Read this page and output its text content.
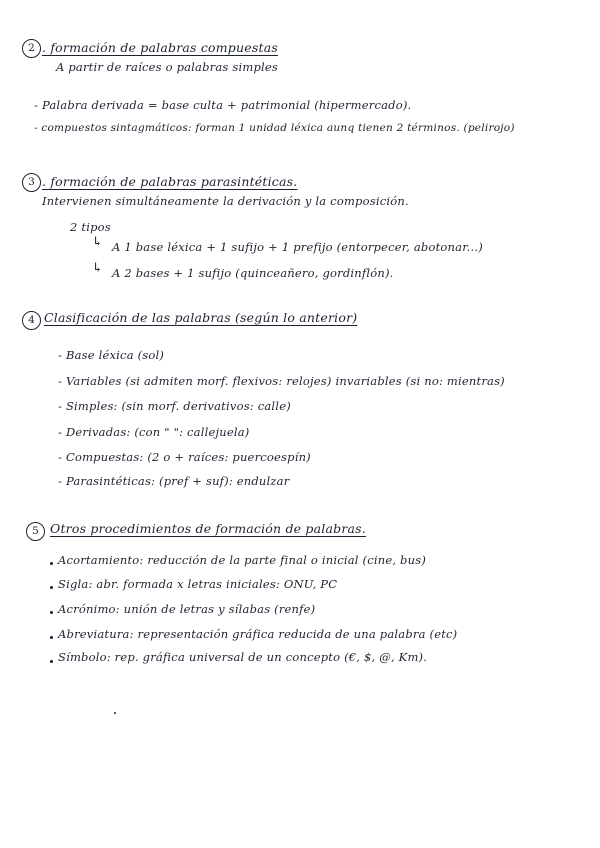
2 . formación de palabras compuestas
A partir de raíces o palabras simples
- Palabra derivada = base culta + patrimonial (hipermercado).
- compuestos sintagmáticos: forman 1 unidad léxica aunq tienen 2 términos. (pelirojo)
3 . formación de palabras parasintéticas.
Intervienen simultáneamente la derivación y la composición.
2 tipos
↳ A 1 base léxica + 1 sufijo + 1 prefijo (entorpecer, abotonar...)
↳ A 2 bases + 1 sufijo (quinceañero, gordinflón).
4 Clasificación de las palabras (según lo anterior)
- Base léxica (sol)
- Variables (si admiten morf. flexivos: relojes) invariables (si no: mientras)
- Simples: (sin morf. derivativos: calle)
- Derivadas: (con " ": callejuela)
- Compuestas: (2 o + raíces: puercoespín)
- Parasintéticas: (pref + suf): endulzar
5 Otros procedimientos de formación de palabras.
Acortamiento: reducción de la parte final o inicial (cine, bus)
Sigla: abr. formada x letras iniciales: ONU, PC
Acrónimo: unión de letras y sílabas (renfe)
Abreviatura: representación gráfica reducida de una palabra (etc)
Símbolo: rep. gráfica universal de un concepto (€, $, @, Km).
